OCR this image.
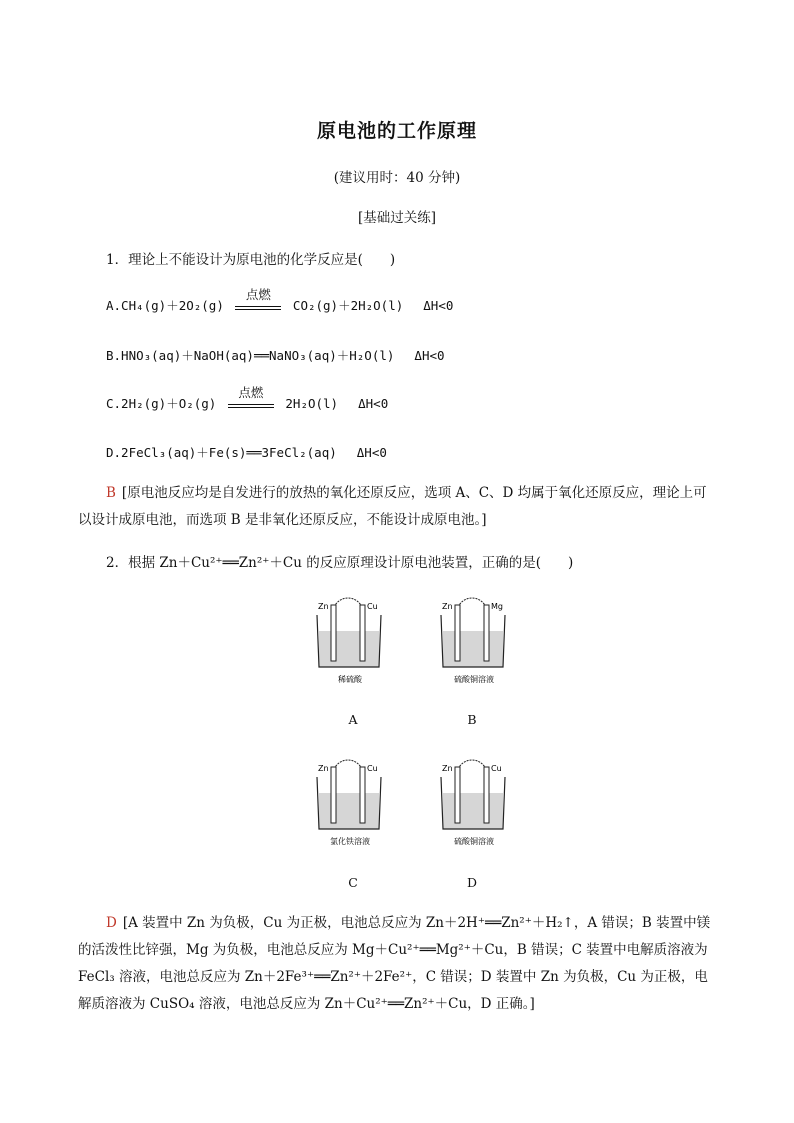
原电池的工作原理
(建议用时：40 分钟)
[基础过关练]
1．理论上不能设计为原电池的化学反应是(　　)
A.CH₄(g)＋2O₂(g)
点燃
CO₂(g)＋2H₂O(l)　 ΔH<0
B.HNO₃(aq)＋NaOH(aq)══NaNO₃(aq)＋H₂O(l)　 ΔH<0
C.2H₂(g)＋O₂(g)
点燃
2H₂O(l)　 ΔH<0
D.2FeCl₃(aq)＋Fe(s)══3FeCl₂(aq)　 ΔH<0
B [原电池反应均是自发进行的放热的氧化还原反应，选项 A、C、D 均属于氧化还原反应，理论上可以设计成原电池，而选项 B 是非氧化还原反应，不能设计成原电池。]
2．根据 Zn＋Cu²⁺══Zn²⁺＋Cu 的反应原理设计原电池装置，正确的是(　　)
Zn	Cu
稀硫酸
A
Zn	Mg
硫酸铜溶液
B
Zn	Cu
氯化铁溶液
C
Zn	Cu
硫酸铜溶液
D
D [A 装置中 Zn 为负极，Cu 为正极，电池总反应为 Zn＋2H⁺══Zn²⁺＋H₂↑，A 错误；B 装置中镁的活泼性比锌强，Mg 为负极，电池总反应为 Mg＋Cu²⁺══Mg²⁺＋Cu，B 错误；C 装置中电解质溶液为 FeCl₃ 溶液，电池总反应为 Zn＋2Fe³⁺══Zn²⁺＋2Fe²⁺，C 错误；D 装置中 Zn 为负极，Cu 为正极，电解质溶液为 CuSO₄ 溶液，电池总反应为 Zn＋Cu²⁺══Zn²⁺＋Cu，D 正确。]
